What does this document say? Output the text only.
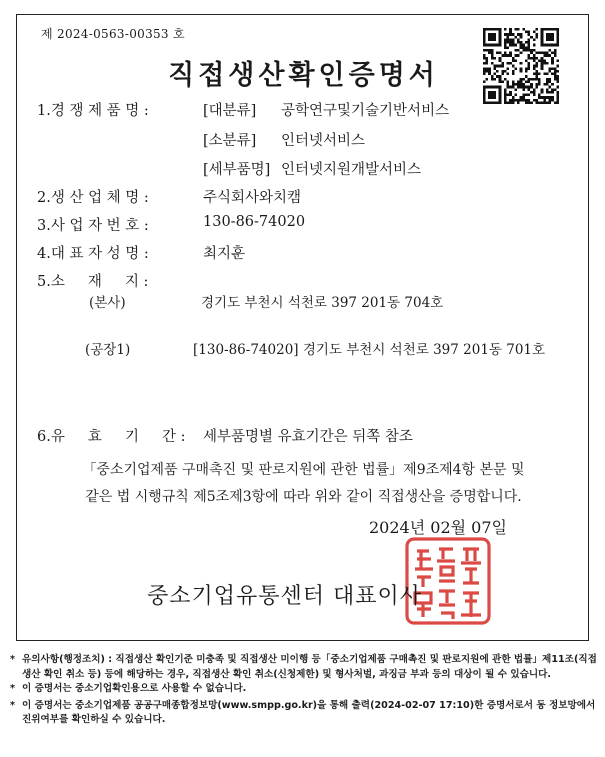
제 2024-0563-00353 호
직접생산확인증명서
1.경 쟁 제 품 명 :	[대분류] 공학연구및기술기반서비스
[소분류] 인터넷서비스
[세부품명] 인터넷지원개발서비스
2.생 산 업 체 명 :	주식회사와치캠
3.사 업 자 번 호 :	130-86-74020
4.대 표 자 성 명 :	최지훈
5.소     재     지 :
(본사)	경기도 부천시 석천로 397 201동 704호
(공장1)	[130-86-74020] 경기도 부천시 석천로 397 201동 701호
6.유     효     기     간 : 세부품명별 유효기간은 뒤쪽 참조
「중소기업제품 구매촉진 및 판로지원에 관한 법률」제9조제4항 본문 및
같은 법 시행규칙 제5조제3항에 따라 위와 같이 직접생산을 증명합니다.
2024년 02월 07일
중소기업유통센터 대표이사
* 유의사항(행정조치) : 직접생산 확인기준 미충족 및 직접생산 미이행 등「중소기업제품 구매촉진 및 판로지원에 관한 법률」제11조(직접생산 확인 취소 등) 등에 해당하는 경우, 직접생산 확인 취소(신청제한) 및 형사처벌, 과징금 부과 등의 대상이 될 수 있습니다.
* 이 증명서는 중소기업확인용으로 사용할 수 없습니다.
* 이 증명서는 중소기업제품 공공구매종합정보망(www.smpp.go.kr)을 통해 출력(2024-02-07 17:10)한 증명서로서 동 정보망에서 진위여부를 확인하실 수 있습니다.
